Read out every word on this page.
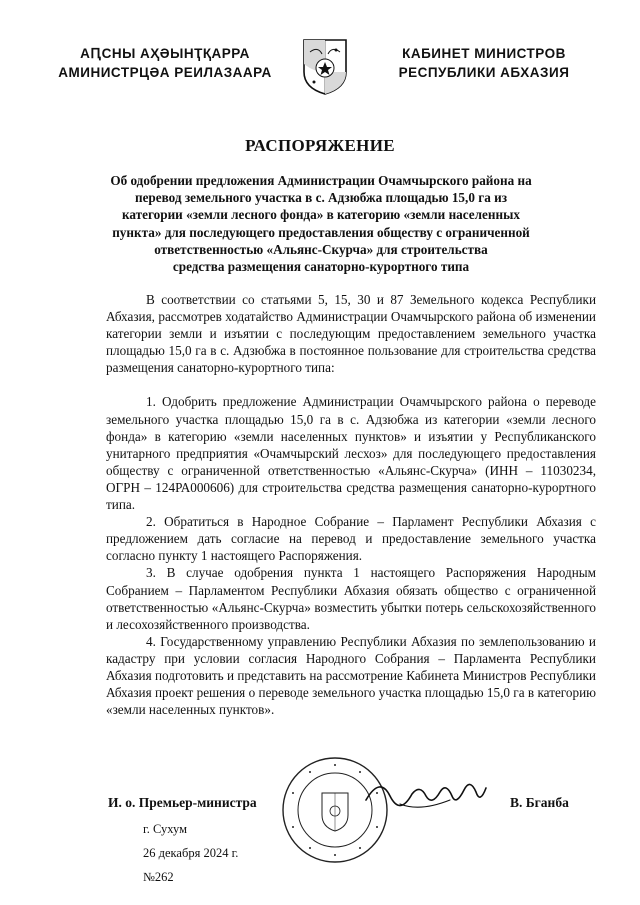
АԤСНЫ АҲӘЫНҬҚАРРА
АМИНИСТРЦӘА РЕИЛАЗААРА
КАБИНЕТ МИНИСТРОВ
РЕСПУБЛИКИ АБХАЗИЯ
РАСПОРЯЖЕНИЕ
Об одобрении предложения Администрации Очамчырского района на
перевод земельного участка в с. Адзюбжа площадью 15,0 га из
категории «земли лесного фонда» в категорию «земли населенных
пункта» для последующего предоставления обществу с ограниченной
ответственностью «Альянс-Скурча» для строительства
средства размещения санаторно-курортного типа

В соответствии со статьями 5, 15, 30 и 87 Земельного кодекса Республики Абхазия, рассмотрев ходатайство Администрации Очамчырского района об изменении категории земли и изъятии с последующим предоставлением земельного участка площадью 15,0 га в с. Адзюбжа в постоянное пользование для строительства средства размещения санаторно-курортного типа:

1. Одобрить предложение Администрации Очамчырского района о переводе земельного участка площадью 15,0 га в с. Адзюбжа из категории «земли лесного фонда» в категорию «земли населенных пунктов» и изъятии у Республиканского унитарного предприятия «Очамчырский лесхоз» для последующего предоставления обществу с ограниченной ответственностью «Альянс-Скурча» (ИНН – 11030234, ОГРН – 124РА000606) для строительства средства размещения санаторно-курортного типа.

2. Обратиться в Народное Собрание – Парламент Республики Абхазия с предложением дать согласие на перевод и предоставление земельного участка согласно пункту 1 настоящего Распоряжения.

3. В случае одобрения пункта 1 настоящего Распоряжения Народным Собранием – Парламентом Республики Абхазия обязать общество с ограниченной ответственностью «Альянс-Скурча» возместить убытки потерь сельскохозяйственного и лесохозяйственного производства.

4. Государственному управлению Республики Абхазия по землепользованию и кадастру при условии согласия Народного Собрания – Парламента Республики Абхазия подготовить и представить на рассмотрение Кабинета Министров Республики Абхазия проект решения о переводе земельного участка площадью 15,0 га в категорию «земли населенных пунктов».

И. о. Премьер-министра	В. Бганба
г. Сухум
26 декабря 2024 г.
№262
